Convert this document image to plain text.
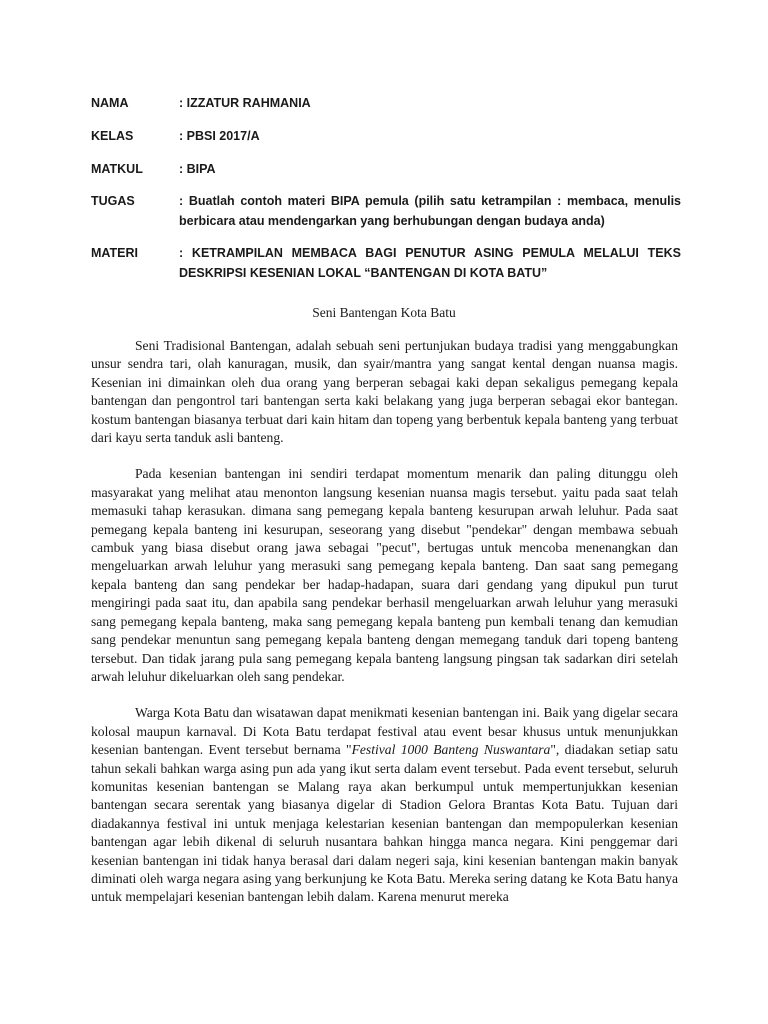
NAMA	: IZZATUR RAHMANIA
KELAS	: PBSI 2017/A
MATKUL	: BIPA
TUGAS	: Buatlah contoh materi BIPA pemula (pilih satu ketrampilan : membaca, menulis berbicara atau mendengarkan yang berhubungan dengan budaya anda)
MATERI	: KETRAMPILAN MEMBACA BAGI PENUTUR ASING PEMULA MELALUI TEKS DESKRIPSI KESENIAN LOKAL “BANTENGAN DI KOTA BATU”
Seni Bantengan Kota Batu

Seni Tradisional Bantengan, adalah sebuah seni pertunjukan budaya tradisi yang menggabungkan unsur sendra tari, olah kanuragan, musik, dan syair/mantra yang sangat kental dengan nuansa magis. Kesenian ini dimainkan oleh dua orang yang berperan sebagai kaki depan sekaligus pemegang kepala bantengan dan pengontrol tari bantengan serta kaki belakang yang juga berperan sebagai ekor bantegan. kostum bantengan biasanya terbuat dari kain hitam dan topeng yang berbentuk kepala banteng yang terbuat dari kayu serta tanduk asli banteng.

Pada kesenian bantengan ini sendiri terdapat momentum menarik dan paling ditunggu oleh masyarakat yang melihat atau menonton langsung kesenian nuansa magis tersebut. yaitu pada saat telah memasuki tahap kerasukan. dimana sang pemegang kepala banteng kesurupan arwah leluhur. Pada saat pemegang kepala banteng ini kesurupan, seseorang yang disebut "pendekar" dengan membawa sebuah cambuk yang biasa disebut orang jawa sebagai "pecut", bertugas untuk mencoba menenangkan dan mengeluarkan arwah leluhur yang merasuki sang pemegang kepala banteng. Dan saat sang pemegang kepala banteng dan sang pendekar ber hadap-hadapan, suara dari gendang yang dipukul pun turut mengiringi pada saat itu, dan apabila sang pendekar berhasil mengeluarkan arwah leluhur yang merasuki sang pemegang kepala banteng, maka sang pemegang kepala banteng pun kembali tenang dan kemudian sang pendekar menuntun sang pemegang kepala banteng dengan memegang tanduk dari topeng banteng tersebut. Dan tidak jarang pula sang pemegang kepala banteng langsung pingsan tak sadarkan diri setelah arwah leluhur dikeluarkan oleh sang pendekar.

Warga Kota Batu dan wisatawan dapat menikmati kesenian bantengan ini. Baik yang digelar secara kolosal maupun karnaval. Di Kota Batu terdapat festival atau event besar khusus untuk menunjukkan kesenian bantengan. Event tersebut bernama "Festival 1000 Banteng Nuswantara", diadakan setiap satu tahun sekali bahkan warga asing pun ada yang ikut serta dalam event tersebut. Pada event tersebut, seluruh komunitas kesenian bantengan se Malang raya akan berkumpul untuk mempertunjukkan kesenian bantengan secara serentak yang biasanya digelar di Stadion Gelora Brantas Kota Batu. Tujuan dari diadakannya festival ini untuk menjaga kelestarian kesenian bantengan dan mempopulerkan kesenian bantengan agar lebih dikenal di seluruh nusantara bahkan hingga manca negara. Kini penggemar dari kesenian bantengan ini tidak hanya berasal dari dalam negeri saja, kini kesenian bantengan makin banyak diminati oleh warga negara asing yang berkunjung ke Kota Batu. Mereka sering datang ke Kota Batu hanya untuk mempelajari kesenian bantengan lebih dalam. Karena menurut mereka
